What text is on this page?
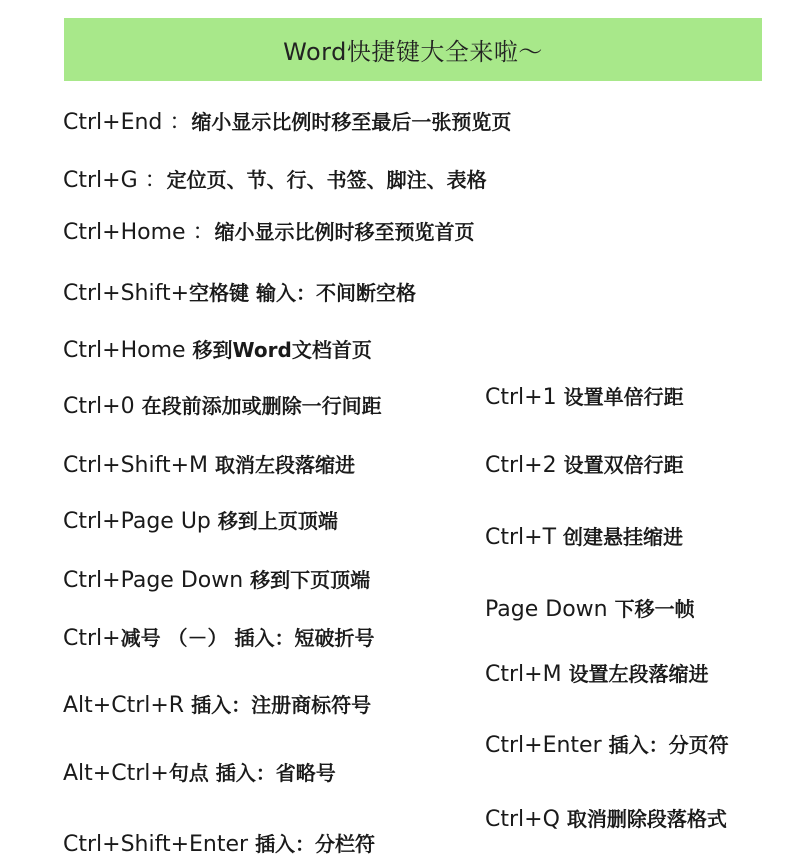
Word快捷键大全来啦～
Ctrl+End ：缩小显示比例时移至最后一张预览页
Ctrl+G ：定位页、节、行、书签、脚注、表格
Ctrl+Home ：缩小显示比例时移至预览首页
Ctrl+Shift+空格键 输入：不间断空格
Ctrl+Home 移到Word文档首页
Ctrl+0 在段前添加或删除一行间距
Ctrl+Shift+M 取消左段落缩进
Ctrl+Page Up 移到上页顶端
Ctrl+Page Down 移到下页顶端
Ctrl+减号 （－） 插入：短破折号
Alt+Ctrl+R 插入：注册商标符号
Alt+Ctrl+句点 插入：省略号
Ctrl+Shift+Enter 插入：分栏符
Ctrl+1 设置单倍行距
Ctrl+2 设置双倍行距
Ctrl+T 创建悬挂缩进
Page Down 下移一帧
Ctrl+M 设置左段落缩进
Ctrl+Enter 插入：分页符
Ctrl+Q 取消删除段落格式
